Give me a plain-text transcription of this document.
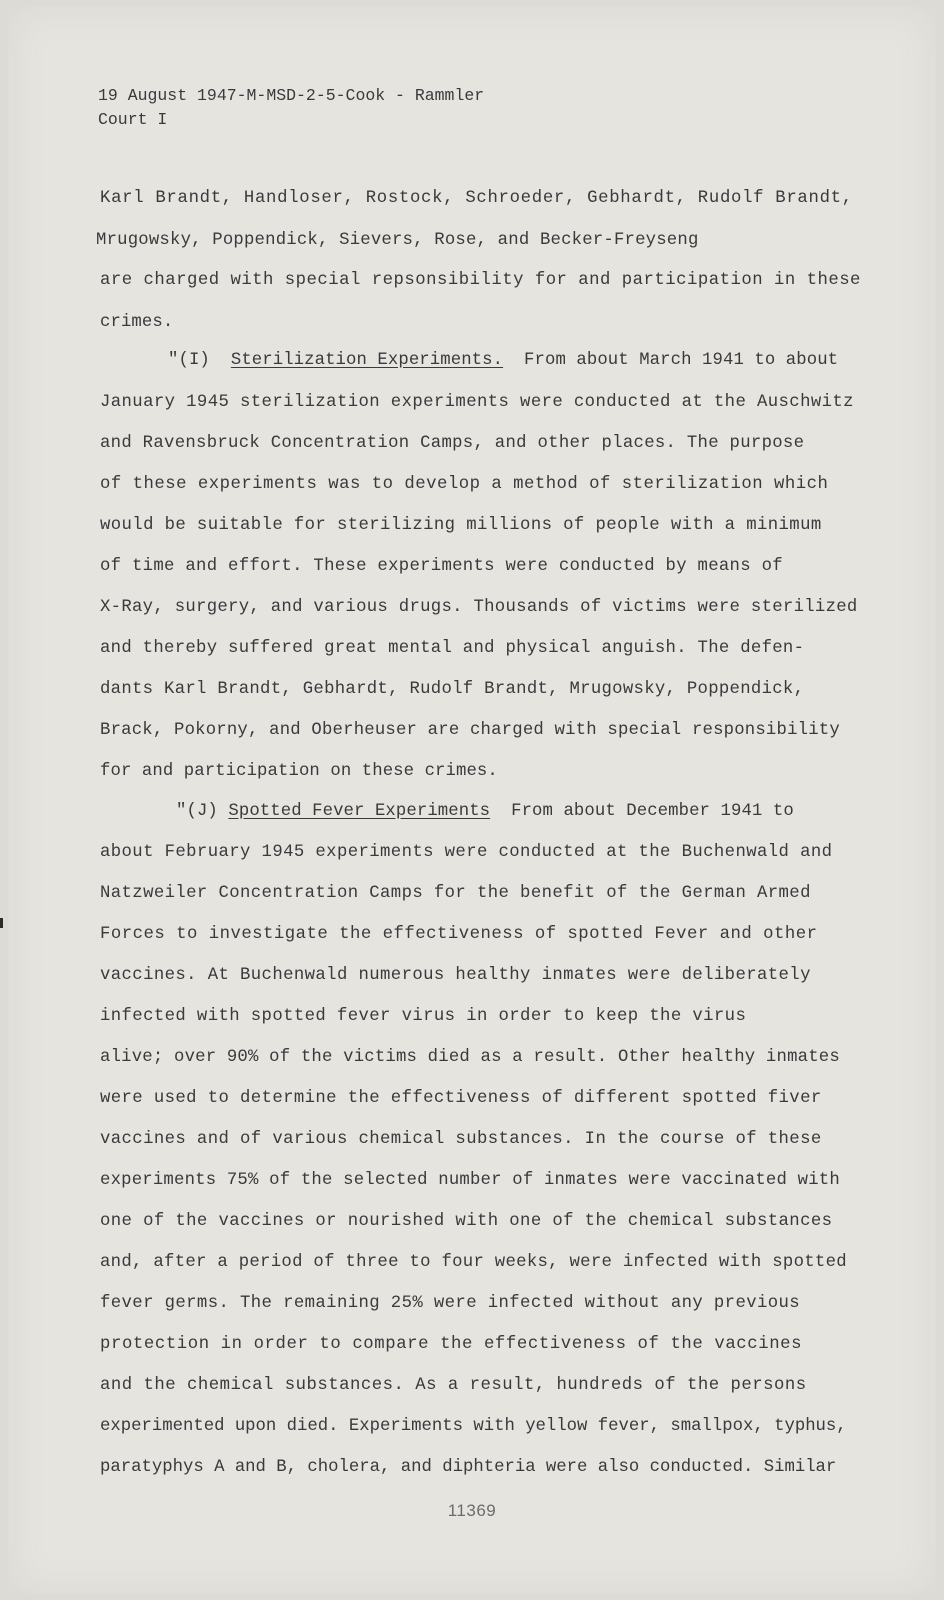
19 August 1947-M-MSD-2-5-Cook - Rammler
Court I
Karl Brandt, Handloser, Rostock, Schroeder, Gebhardt, Rudolf Brandt,
Mrugowsky, Poppendick, Sievers, Rose, and Becker-Freyseng
are charged with special repsonsibility for and participation in these
crimes.
"(I) Sterilization Experiments. From about March 1941 to about
January 1945 sterilization experiments were conducted at the Auschwitz
and Ravensbruck Concentration Camps, and other places. The purpose
of these experiments was to develop a method of sterilization which
would be suitable for sterilizing millions of people with a minimum
of time and effort. These experiments were conducted by means of
X-Ray, surgery, and various drugs. Thousands of victims were sterilized
and thereby suffered great mental and physical anguish. The defen-
dants Karl Brandt, Gebhardt, Rudolf Brandt, Mrugowsky, Poppendick,
Brack, Pokorny, and Oberheuser are charged with special responsibility
for and participation on these crimes.
"(J) Spotted Fever Experiments From about December 1941 to
about February 1945 experiments were conducted at the Buchenwald and
Natzweiler Concentration Camps for the benefit of the German Armed
Forces to investigate the effectiveness of spotted Fever and other
vaccines. At Buchenwald numerous healthy inmates were deliberately
infected with spotted fever virus in order to keep the virus
alive; over 90% of the victims died as a result. Other healthy inmates
were used to determine the effectiveness of different spotted fiver
vaccines and of various chemical substances. In the course of these
experiments 75% of the selected number of inmates were vaccinated with
one of the vaccines or nourished with one of the chemical substances
and, after a period of three to four weeks, were infected with spotted
fever germs. The remaining 25% were infected without any previous
protection in order to compare the effectiveness of the vaccines
and the chemical substances. As a result, hundreds of the persons
experimented upon died. Experiments with yellow fever, smallpox, typhus,
paratyphys A and B, cholera, and diphteria were also conducted. Similar
11369
